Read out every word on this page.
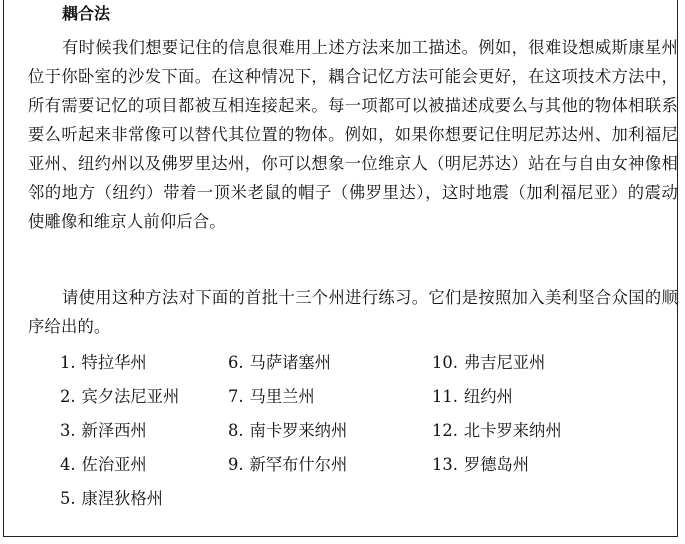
耦合法

有时候我们想要记住的信息很难用上述方法来加工描述。例如，很难设想威斯康星州位于你卧室的沙发下面。在这种情况下，耦合记忆方法可能会更好，在这项技术方法中，所有需要记忆的项目都被互相连接起来。每一项都可以被描述成要么与其他的物体相联系要么听起来非常像可以替代其位置的物体。例如，如果你想要记住明尼苏达州、加利福尼亚州、纽约州以及佛罗里达州，你可以想象一位维京人（明尼苏达）站在与自由女神像相邻的地方（纽约）带着一顶米老鼠的帽子（佛罗里达），这时地震（加利福尼亚）的震动使雕像和维京人前仰后合。

请使用这种方法对下面的首批十三个州进行练习。它们是按照加入美利坚合众国的顺序给出的。

1. 特拉华州	6. 马萨诸塞州	10. 弗吉尼亚州
2. 宾夕法尼亚州	7. 马里兰州	11. 纽约州
3. 新泽西州	8. 南卡罗来纳州	12. 北卡罗来纳州
4. 佐治亚州	9. 新罕布什尔州	13. 罗德岛州
5. 康涅狄格州
